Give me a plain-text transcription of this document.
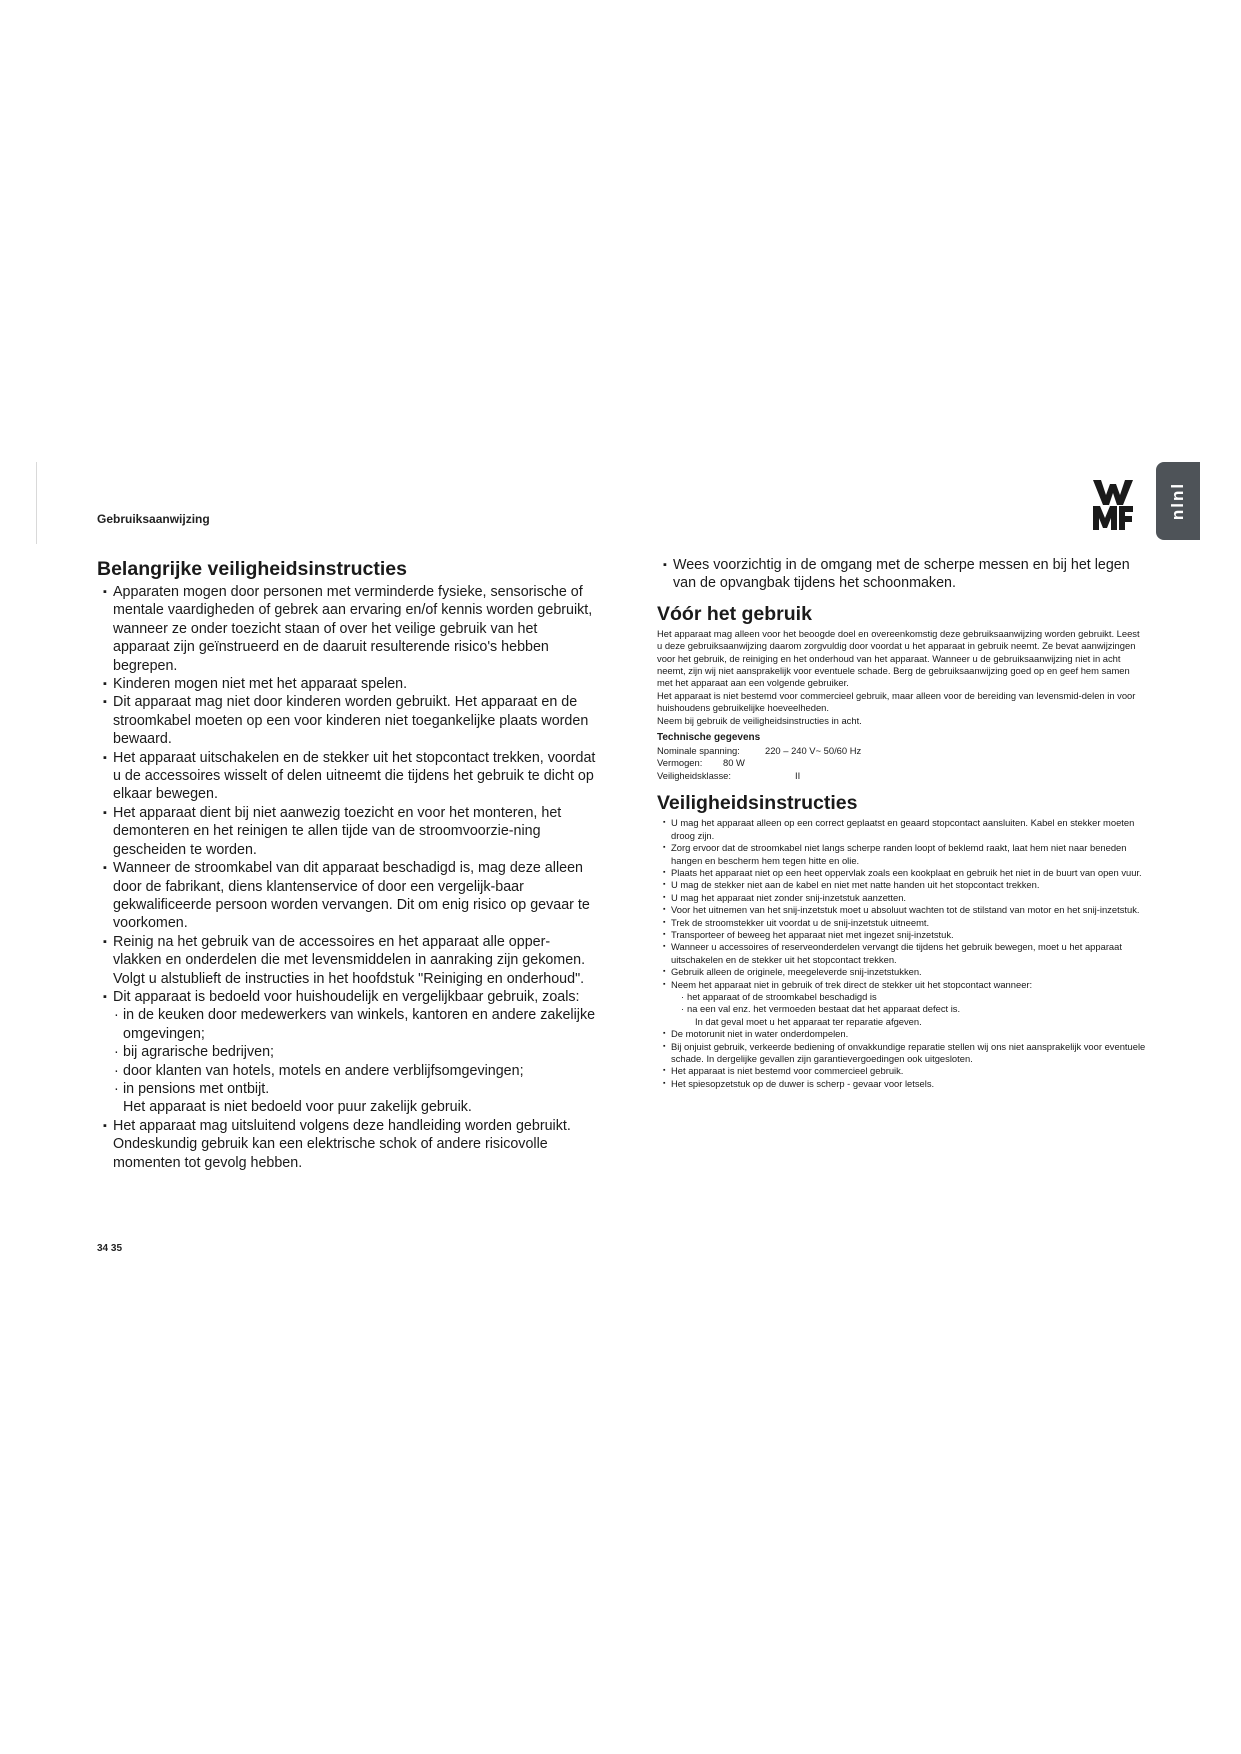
Gebruiksaanwijzing	nlnl
Belangrijke veiligheidsinstructies
▪ Apparaten mogen door personen met verminderde fysieke, sensorische of mentale vaardigheden of gebrek aan ervaring en/of kennis worden gebruikt, wanneer ze onder toezicht staan of over het veilige gebruik van het apparaat zijn geïnstrueerd en de daaruit resulterende risico's hebben begrepen.
▪ Kinderen mogen niet met het apparaat spelen.
▪ Dit apparaat mag niet door kinderen worden gebruikt. Het apparaat en de stroomkabel moeten op een voor kinderen niet toegankelijke plaats worden bewaard.
▪ Het apparaat uitschakelen en de stekker uit het stopcontact trekken, voordat u de accessoires wisselt of delen uitneemt die tijdens het gebruik te dicht op elkaar bewegen.
▪ Het apparaat dient bij niet aanwezig toezicht en voor het monteren, het demonteren en het reinigen te allen tijde van de stroomvoorzie-ning gescheiden te worden.
▪ Wanneer de stroomkabel van dit apparaat beschadigd is, mag deze alleen door de fabrikant, diens klantenservice of door een vergelijk-baar gekwalificeerde persoon worden vervangen. Dit om enig risico op gevaar te voorkomen.
▪ Reinig na het gebruik van de accessoires en het apparaat alle opper-vlakken en onderdelen die met levensmiddelen in aanraking zijn gekomen. Volgt u alstublieft de instructies in het hoofdstuk "Reiniging en onderhoud".
▪ Dit apparaat is bedoeld voor huishoudelijk en vergelijkbaar gebruik, zoals:
· in de keuken door medewerkers van winkels, kantoren en andere zakelijke omgevingen;
· bij agrarische bedrijven;
· door klanten van hotels, motels en andere verblijfsomgevingen;
· in pensions met ontbijt.
Het apparaat is niet bedoeld voor puur zakelijk gebruik.
▪ Het apparaat mag uitsluitend volgens deze handleiding worden gebruikt. Ondeskundig gebruik kan een elektrische schok of andere risicovolle momenten tot gevolg hebben.
▪ Wees voorzichtig in de omgang met de scherpe messen en bij het legen van de opvangbak tijdens het schoonmaken.
Vóór het gebruik
Het apparaat mag alleen voor het beoogde doel en overeenkomstig deze gebruiksaanwijzing worden gebruikt. Leest u deze gebruiksaanwijzing daarom zorgvuldig door voordat u het apparaat in gebruik neemt. Ze bevat aanwijzingen voor het gebruik, de reiniging en het onderhoud van het apparaat. Wanneer u de gebruiksaanwijzing niet in acht neemt, zijn wij niet aansprakelijk voor eventuele schade. Berg de gebruiksaanwijzing goed op en geef hem samen met het apparaat aan een volgende gebruiker.
Het apparaat is niet bestemd voor commercieel gebruik, maar alleen voor de bereiding van levensmid-delen in voor huishoudens gebruikelijke hoeveelheden.
Neem bij gebruik de veiligheidsinstructies in acht.
Technische gegevens
Nominale spanning:	220 – 240 V~ 50/60 Hz
Vermogen:	80 W
Veiligheidsklasse:	II
Veiligheidsinstructies
▪ U mag het apparaat alleen op een correct geplaatst en geaard stopcontact aansluiten. Kabel en stekker moeten droog zijn.
▪ Zorg ervoor dat de stroomkabel niet langs scherpe randen loopt of beklemd raakt, laat hem niet naar beneden hangen en bescherm hem tegen hitte en olie.
▪ Plaats het apparaat niet op een heet oppervlak zoals een kookplaat en gebruik het niet in de buurt van open vuur.
▪ U mag de stekker niet aan de kabel en niet met natte handen uit het stopcontact trekken.
▪ U mag het apparaat niet zonder snij-inzetstuk aanzetten.
▪ Voor het uitnemen van het snij-inzetstuk moet u absoluut wachten tot de stilstand van motor en het snij-inzetstuk.
▪ Trek de stroomstekker uit voordat u de snij-inzetstuk uitneemt.
▪ Transporteer of beweeg het apparaat niet met ingezet snij-inzetstuk.
▪ Wanneer u accessoires of reserveonderdelen vervangt die tijdens het gebruik bewegen, moet u het apparaat uitschakelen en de stekker uit het stopcontact trekken.
▪ Gebruik alleen de originele, meegeleverde snij-inzetstukken.
▪ Neem het apparaat niet in gebruik of trek direct de stekker uit het stopcontact wanneer:
· het apparaat of de stroomkabel beschadigd is
· na een val enz. het vermoeden bestaat dat het apparaat defect is.
In dat geval moet u het apparaat ter reparatie afgeven.
▪ De motorunit niet in water onderdompelen.
▪ Bij onjuist gebruik, verkeerde bediening of onvakkundige reparatie stellen wij ons niet aansprakelijk voor eventuele schade. In dergelijke gevallen zijn garantievergoedingen ook uitgesloten.
▪ Het apparaat is niet bestemd voor commercieel gebruik.
▪ Het spiesopzetstuk op de duwer is scherp - gevaar voor letsels.
34 35
